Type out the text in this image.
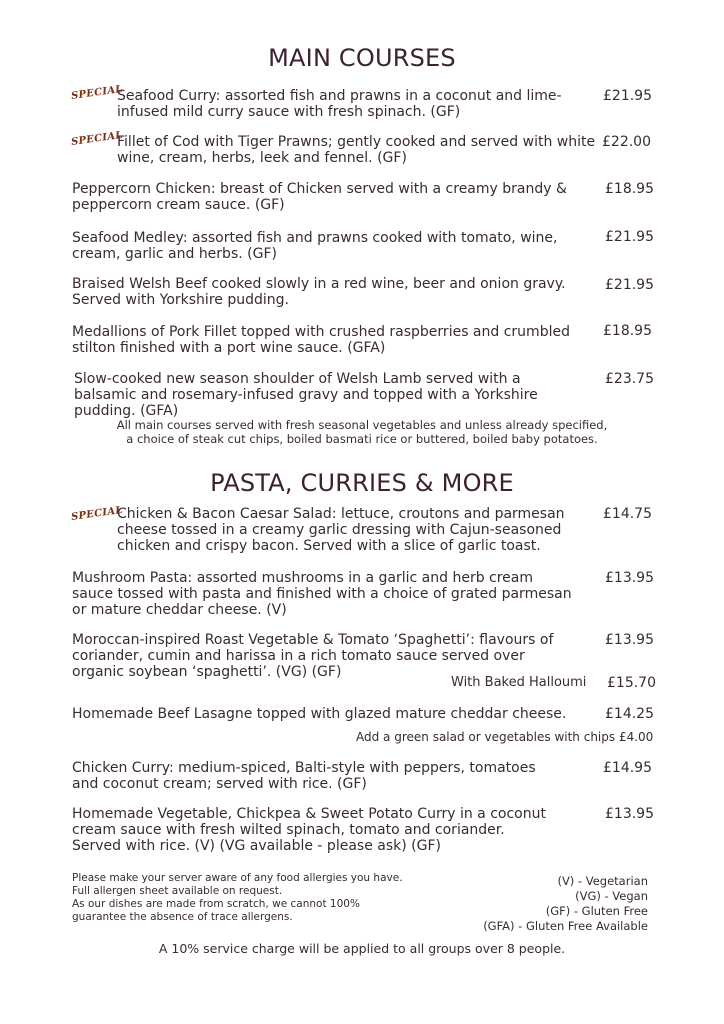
MAIN COURSES
SPECIAL
Seafood Curry: assorted fish and prawns in a coconut and lime-infused mild curry sauce with fresh spinach. (GF)
£21.95
SPECIAL
Fillet of Cod with Tiger Prawns; gently cooked and served with white wine, cream, herbs, leek and fennel. (GF)
£22.00
Peppercorn Chicken: breast of Chicken served with a creamy brandy & peppercorn cream sauce. (GF)
£18.95
Seafood Medley: assorted fish and prawns cooked with tomato, wine, cream, garlic and herbs. (GF)
£21.95
Braised Welsh Beef cooked slowly in a red wine, beer and onion gravy. Served with Yorkshire pudding.
£21.95
Medallions of Pork Fillet topped with crushed raspberries and crumbled stilton finished with a port wine sauce. (GFA)
£18.95
Slow-cooked new season shoulder of Welsh Lamb served with a balsamic and rosemary-infused gravy and topped with a Yorkshire pudding. (GFA)
£23.75
All main courses served with fresh seasonal vegetables and unless already specified,
a choice of steak cut chips, boiled basmati rice or buttered, boiled baby potatoes.
PASTA, CURRIES & MORE
SPECIAL
Chicken & Bacon Caesar Salad: lettuce, croutons and parmesan cheese tossed in a creamy garlic dressing with Cajun-seasoned chicken and crispy bacon. Served with a slice of garlic toast.
£14.75
Mushroom Pasta: assorted mushrooms in a garlic and herb cream sauce tossed with pasta and finished with a choice of grated parmesan or mature cheddar cheese. (V)
£13.95
Moroccan-inspired Roast Vegetable & Tomato ‘Spaghetti’: flavours of coriander, cumin and harissa in a rich tomato sauce served over organic soybean ‘spaghetti’. (VG) (GF)
£13.95
With Baked Halloumi £15.70
Homemade Beef Lasagne topped with glazed mature cheddar cheese.	£14.25
Add a green salad or vegetables with chips £4.00
Chicken Curry: medium-spiced, Balti-style with peppers, tomatoes and coconut cream; served with rice. (GF)
£14.95
Homemade Vegetable, Chickpea & Sweet Potato Curry in a coconut cream sauce with fresh wilted spinach, tomato and coriander. Served with rice. (V) (VG available - please ask) (GF)
£13.95
Please make your server aware of any food allergies you have.
Full allergen sheet available on request.
As our dishes are made from scratch, we cannot 100%
guarantee the absence of trace allergens.
(V) - Vegetarian
(VG) - Vegan
(GF) - Gluten Free
(GFA) - Gluten Free Available
A 10% service charge will be applied to all groups over 8 people.
